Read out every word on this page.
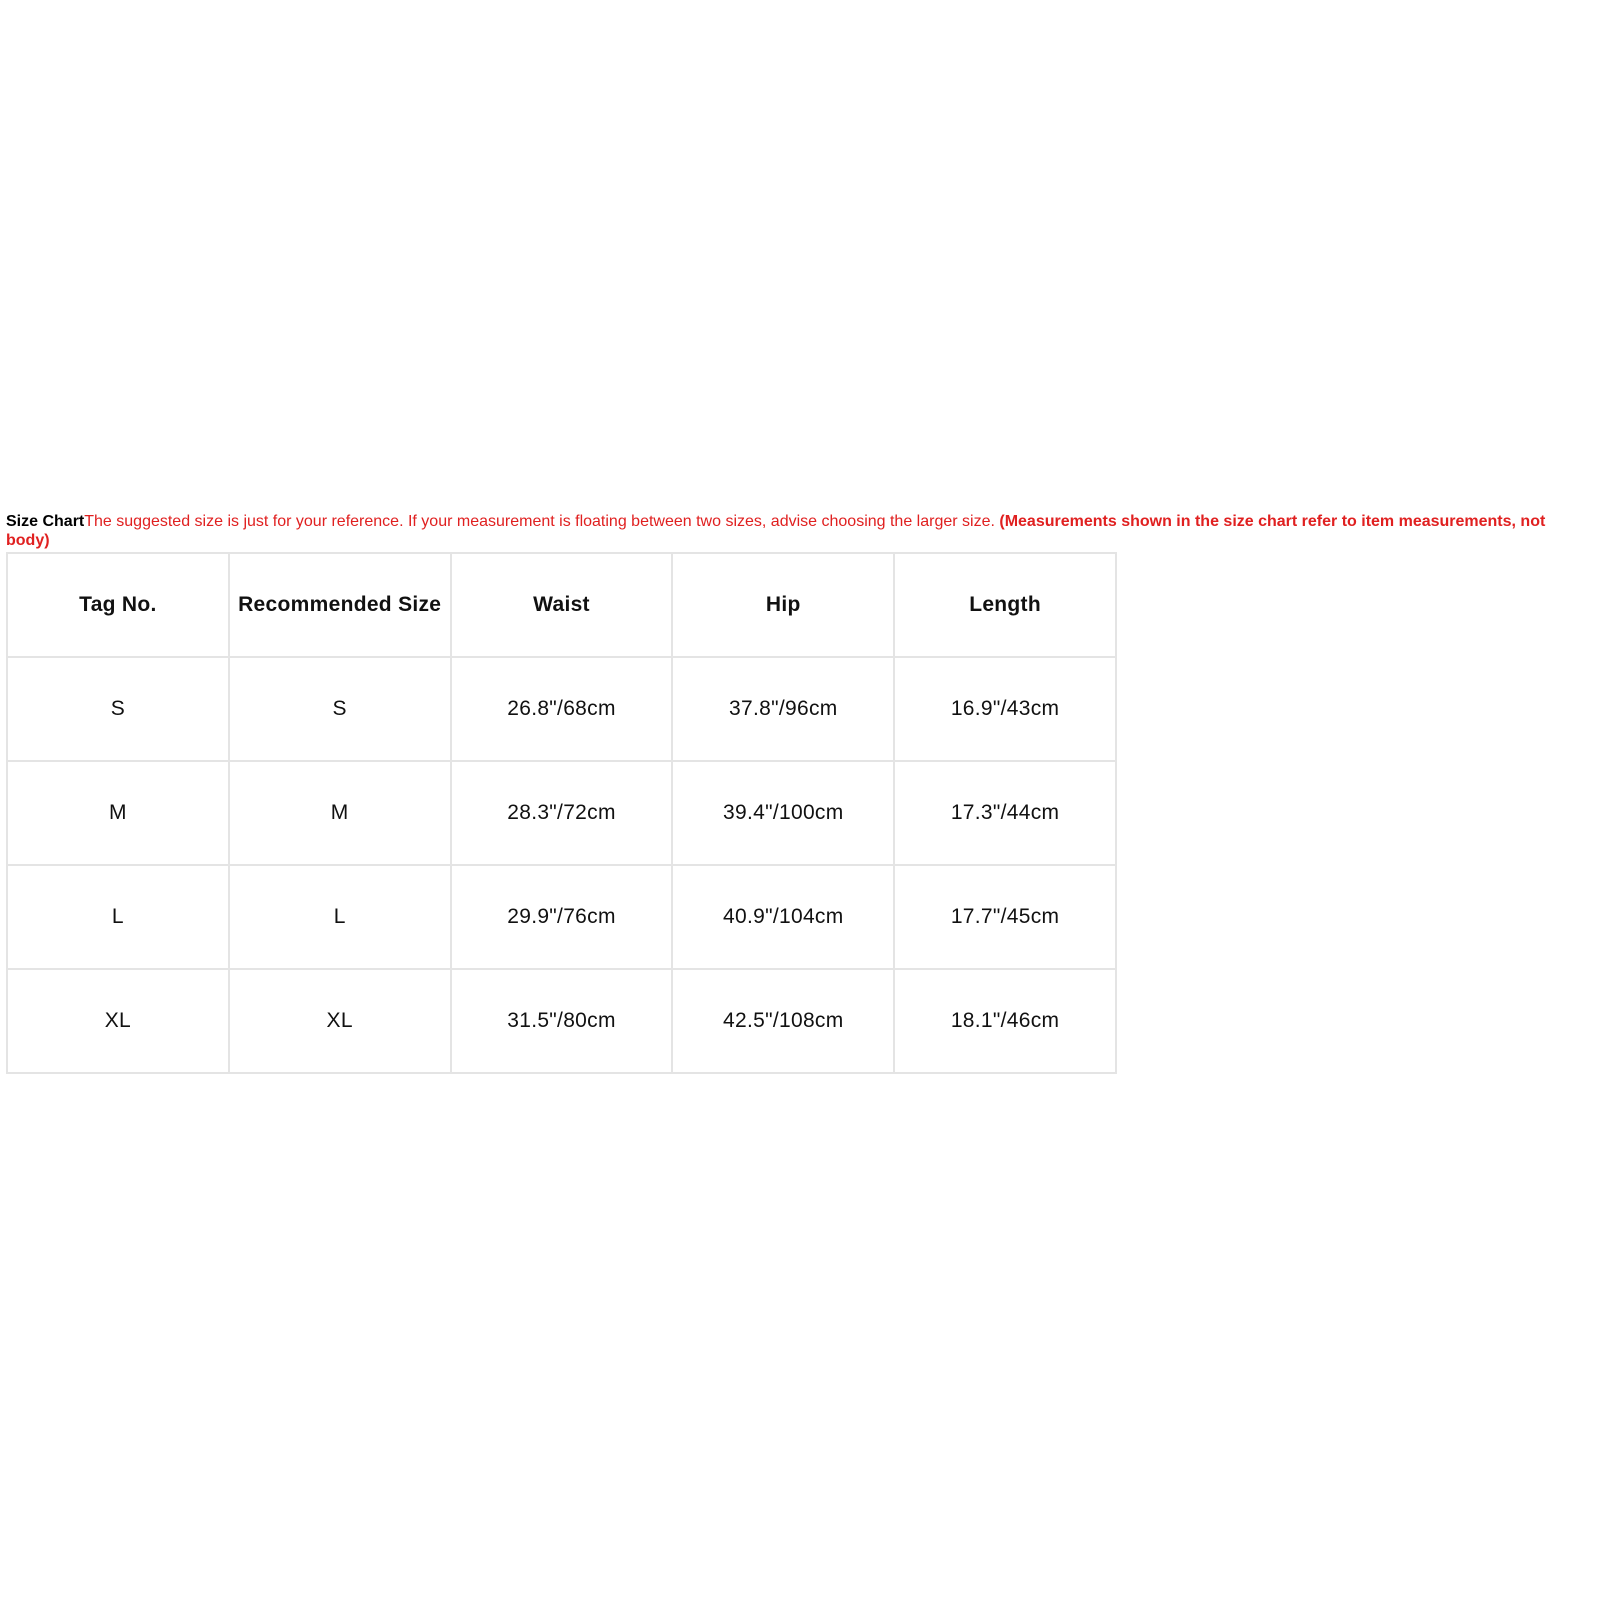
Size ChartThe suggested size is just for your reference. If your measurement is floating between two sizes, advise choosing the larger size. (Measurements shown in the size chart refer to item measurements, not body)

Tag No.	Recommended Size	Waist	Hip	Length
S	S	26.8"/68cm	37.8"/96cm	16.9"/43cm
M	M	28.3"/72cm	39.4"/100cm	17.3"/44cm
L	L	29.9"/76cm	40.9"/104cm	17.7"/45cm
XL	XL	31.5"/80cm	42.5"/108cm	18.1"/46cm
